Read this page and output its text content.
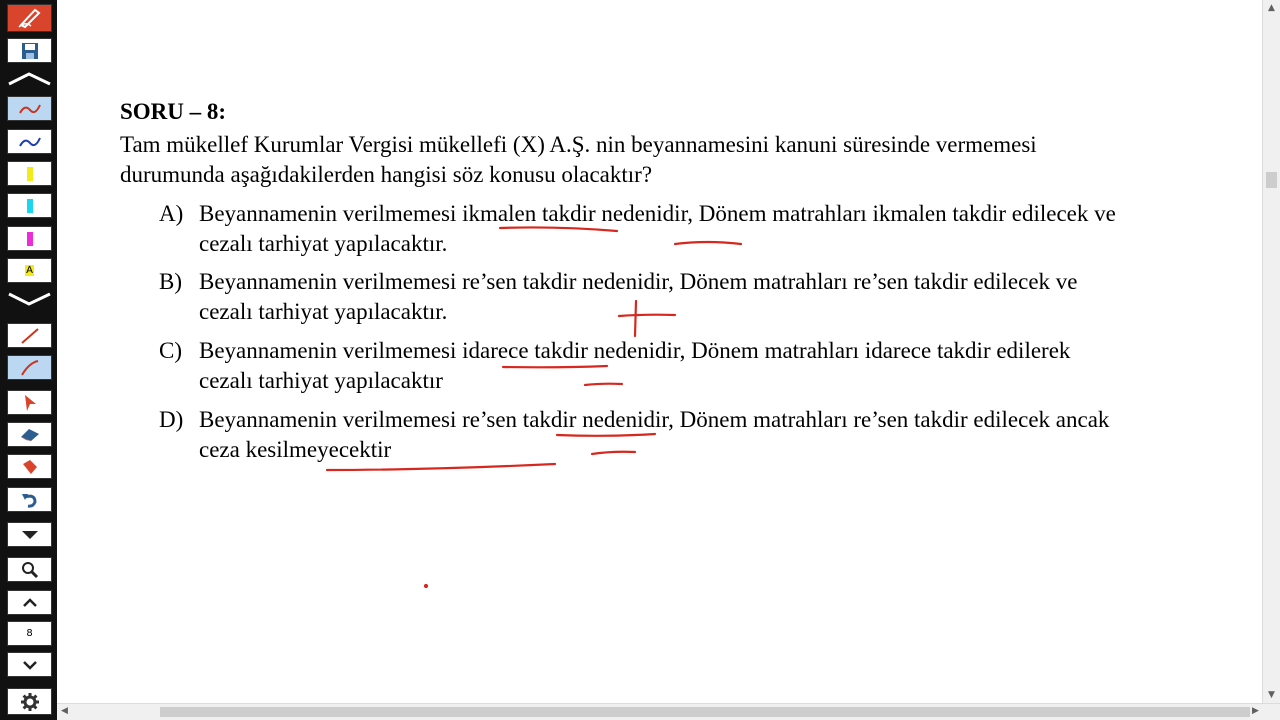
A
8
SORU – 8:
Tam mükellef Kurumlar Vergisi mükellefi (X) A.Ş. nin beyannamesini kanuni süresinde vermemesi durumunda aşağıdakilerden hangisi söz konusu olacaktır?
A) Beyannamenin verilmemesi ikmalen takdir nedenidir, Dönem matrahları ikmalen takdir edilecek ve cezalı tarhiyat yapılacaktır.
B) Beyannamenin verilmemesi re’sen takdir nedenidir, Dönem matrahları re’sen takdir edilecek ve cezalı tarhiyat yapılacaktır.
C) Beyannamenin verilmemesi idarece takdir nedenidir, Dönem matrahları idarece takdir edilerek cezalı tarhiyat yapılacaktır
D) Beyannamenin verilmemesi re’sen takdir nedenidir, Dönem matrahları re’sen takdir edilecek ancak ceza kesilmeyecektir
▲
▼
◀	▶
